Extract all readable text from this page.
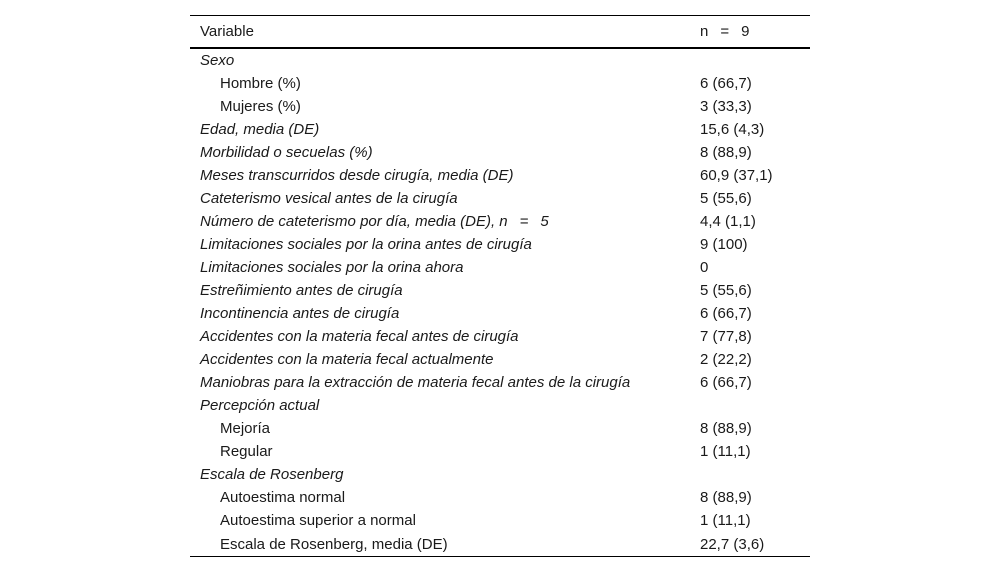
Variable	n = 9
Sexo	
Hombre (%)	6 (66,7)
Mujeres (%)	3 (33,3)
Edad, media (DE)	15,6 (4,3)
Morbilidad o secuelas (%)	8 (88,9)
Meses transcurridos desde cirugía, media (DE)	60,9 (37,1)
Cateterismo vesical antes de la cirugía	5 (55,6)
Número de cateterismo por día, media (DE), n = 5	4,4 (1,1)
Limitaciones sociales por la orina antes de cirugía	9 (100)
Limitaciones sociales por la orina ahora	0
Estreñimiento antes de cirugía	5 (55,6)
Incontinencia antes de cirugía	6 (66,7)
Accidentes con la materia fecal antes de cirugía	7 (77,8)
Accidentes con la materia fecal actualmente	2 (22,2)
Maniobras para la extracción de materia fecal antes de la cirugía	6 (66,7)
Percepción actual	
Mejoría	8 (88,9)
Regular	1 (11,1)
Escala de Rosenberg	
Autoestima normal	8 (88,9)
Autoestima superior a normal	1 (11,1)
Escala de Rosenberg, media (DE)	22,7 (3,6)
